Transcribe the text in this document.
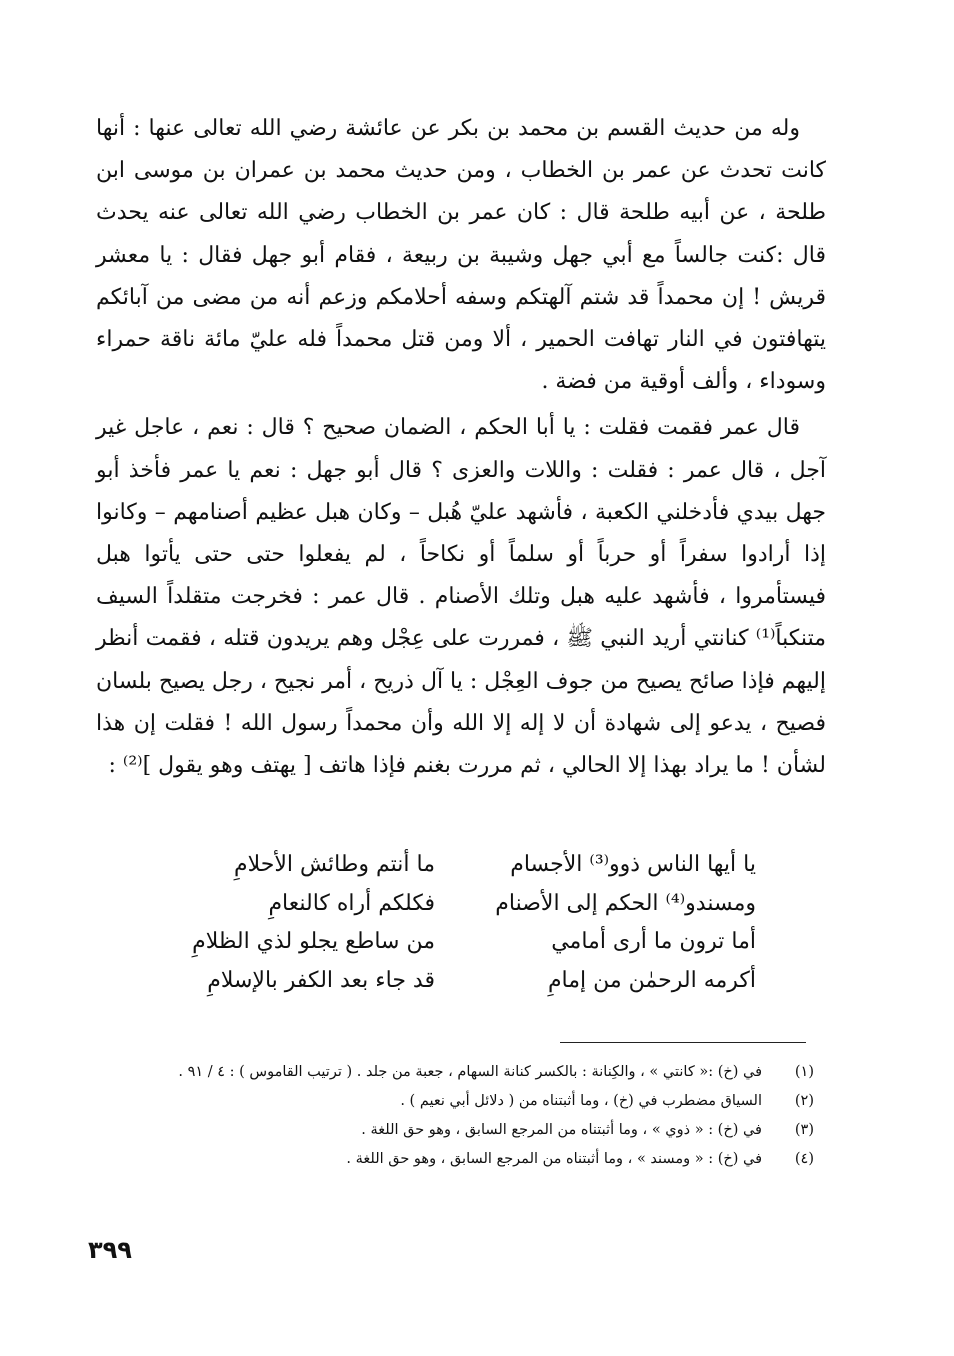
وله من حديث القسم بن محمد بن بكر عن عائشة رضي الله تعالى عنها : أنها كانت تحدث عن عمر بن الخطاب ، ومن حديث محمد بن عمران بن موسى ابن طلحة ، عن أبيه طلحة قال : كان عمر بن الخطاب رضي الله تعالى عنه يحدث قال :كنت جالساً مع أبي جهل وشيبة بن ربيعة ، فقام أبو جهل فقال : يا معشر قريش ! إن محمداً قد شتم آلهتكم وسفه أحلامكم وزعم أنه من مضى من آبائكم يتهافتون في النار تهافت الحمير ، ألا ومن قتل محمداً فله عليّ مائة ناقة حمراء وسوداء ، وألف أوقية من فضة .

قال عمر فقمت فقلت : يا أبا الحكم ، الضمان صحيح ؟ قال : نعم ، عاجل غير آجل ، قال عمر : فقلت : واللات والعزى ؟ قال أبو جهل : نعم يا عمر فأخذ أبو جهل بيدي فأدخلني الكعبة ، فأشهد عليّ هُبل – وكان هبل عظيم أصنامهم – وكانوا إذا أرادوا سفراً أو حرباً أو سلماً أو نكاحاً ، لم يفعلوا حتى حتى يأتوا هبل فيستأمروا ، فأشهد عليه هبل وتلك الأصنام . قال عمر : فخرجت متقلداً السيف متنكباً⁽¹⁾ كنانتي أريد النبي ﷺ ، فمررت على عِجْل وهم يريدون قتله ، فقمت أنظر إليهم فإذا صائح يصيح من جوف العِجْل : يا آل ذريح ، أمر نجيح ، رجل يصيح بلسان فصيح ، يدعو إلى شهادة أن لا إله إلا الله وأن محمداً رسول الله ! فقلت إن هذا لشأن ! ما يراد بهذا إلا الحالي ، ثم مررت بغنم فإذا هاتف [ يهتف وهو يقول ]⁽²⁾ :

يا أيها الناس ذوو⁽³⁾ الأجسام
ما أنتم وطائش الأحلامِ
ومسندو⁽⁴⁾ الحكم إلى الأصنام
فكلكم أراه كالنعامِ
أما ترون ما أرى أمامي
من ساطع يجلو لذي الظلامِ
أكرمه الرحمٰن من إمامِ
قد جاء بعد الكفر بالإسلامِ
(١)
في (خ) :« كانتي » ، والكِنانة : بالكسر كنانة السهام ، جعبة من جلد . ( ترتيب القاموس ) : ٤ / ٩١ .
(٢)
السياق مضطرب في (خ) ، وما أثبتناه من ( دلائل أبي نعيم ) .
(٣)
في (خ) : « ذوي » ، وما أثبتناه من المرجع السابق ، وهو حق اللغة .
(٤)
في (خ) : « ومسند » ، وما أثبتناه من المرجع السابق ، وهو حق اللغة .
٣٩٩
